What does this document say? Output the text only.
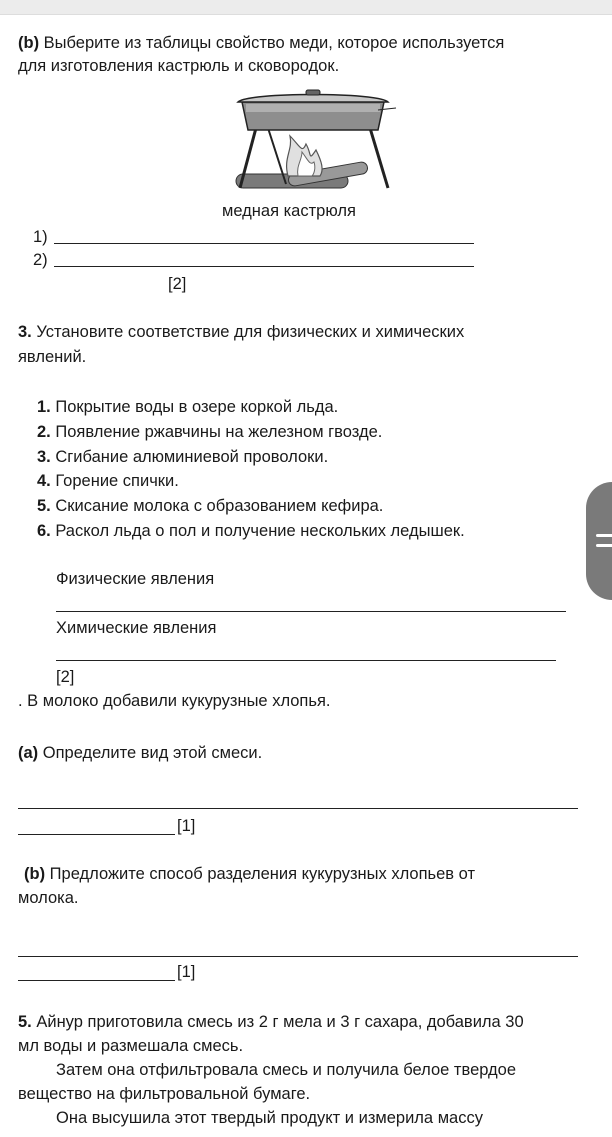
(b) Выберите из таблицы свойство меди, которое используется
для изготовления кастрюль и сковородок.
медная кастрюля
1)
2)
[2]
3. Установите соответствие для физических и химических
явлений.
1. Покрытие воды в озере коркой льда.
2. Появление ржавчины на железном гвозде.
3. Сгибание алюминиевой проволоки.
4. Горение спички.
5. Скисание молока с образованием кефира.
6. Раскол льда о пол и получение нескольких ледышек.
Физические явления
Химические явления
[2]
. В молоко добавили кукурузные хлопья.
(a) Определите вид этой смеси.
[1]
(b) Предложите способ разделения кукурузных хлопьев от
молока.
[1]
5. Айнур приготовила смесь из 2 г мела и 3 г сахара, добавила 30
мл воды и размешала смесь.
Затем она отфильтровала смесь и получила белое твердое
вещество на фильтровальной бумаге.
Она высушила этот твердый продукт и измерила массу
